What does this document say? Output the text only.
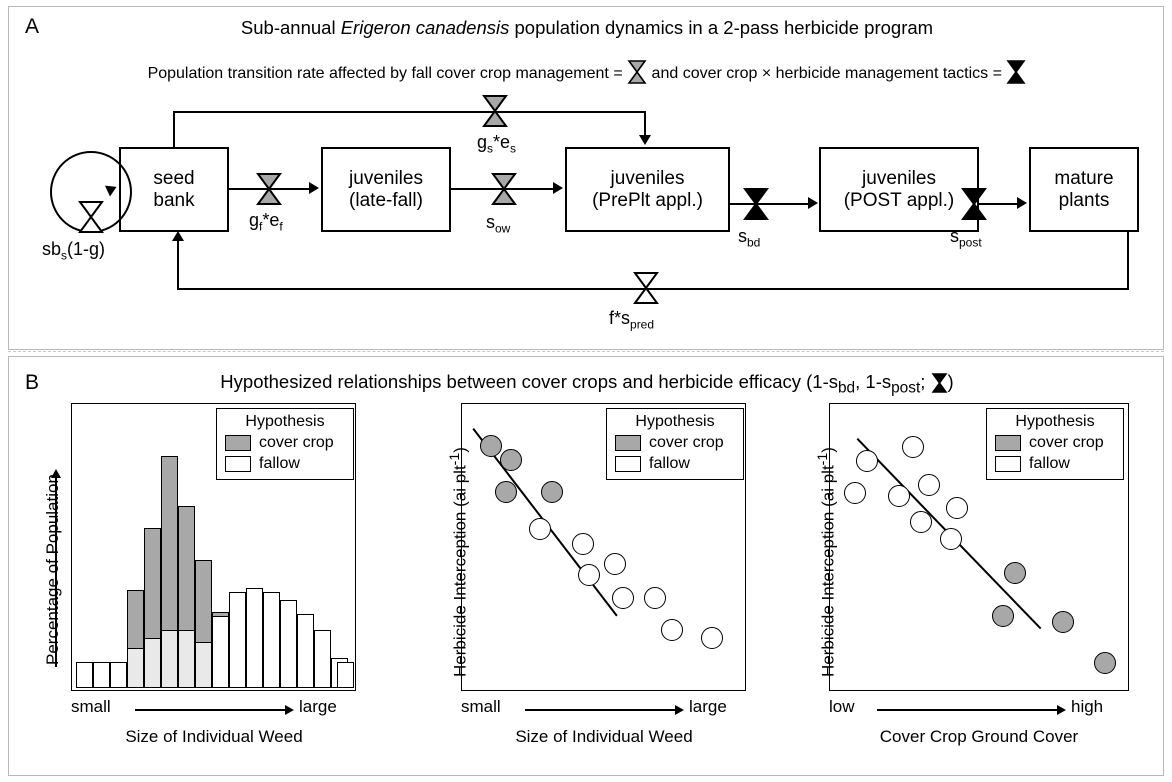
A	Sub-annual Erigeron canadensis population dynamics in a 2-pass herbicide program
Population transition rate affected by fall cover crop management =  and cover crop × herbicide management tactics =
seed
bank
juveniles
(late-fall)
juveniles
(PrePlt appl.)
juveniles
(POST appl.)
mature
plants
$sb_s(1-g)$
$g_f*e_f$
$g_s*e_s$
$s_{ow}$	$s_{bd}$	$s_{post}$
$f*s_{pred}$
B	Hypothesized relationships between cover crops and herbicide efficacy ($1-s_{bd}$, $1-s_{post}$; )
Hypothesis
cover crop
fallow
Percentage of Population
small	large
Size of Individual Weed
Hypothesis
cover crop
fallow
Herbicide Interception (ai plt$^{-1}$)
small	large
Size of Individual Weed
Hypothesis
cover crop
fallow
Herbicide Interception (ai plt$^{-1}$)
low	high
Cover Crop Ground Cover
